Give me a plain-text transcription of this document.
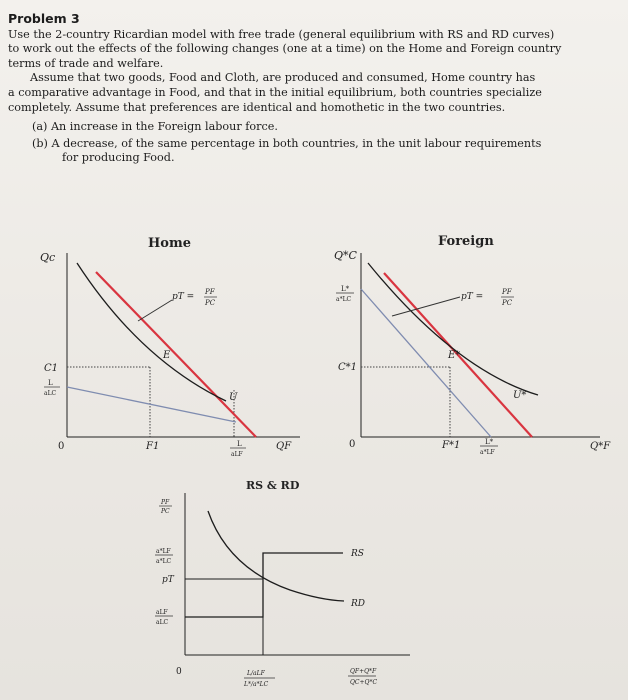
Problem 3
Use the 2-country Ricardian model with free trade (general equilibrium with RS and RD curves)
to work out the effects of the following changes (one at a time) on the Home and Foreign country
terms of trade and welfare.
Assume that two goods, Food and Cloth, are produced and consumed, Home country has
a comparative advantage in Food, and that in the initial equilibrium, both countries specialize
completely. Assume that preferences are identical and homothetic in the two countries.
(a) An increase in the Foreign labour force.
(b) A decrease, of the same percentage in both countries, in the unit labour requirements
for producing Food.
Home
Qc
0
pT = PF
PC
E
U
C1
L
aLC
F1	L
aLF
QF
Foreign
Q*C
0
pT =	PF
PC
E*
U*
C*1
L*
a*LC
F*1	L*
a*LF
Q*F
RS & RD
0
PF
PC
a*LF
a*LC
pT
aLF
aLC
RS
RD
L/aLF
L*/a*LC
QF+Q*F
QC+Q*C
